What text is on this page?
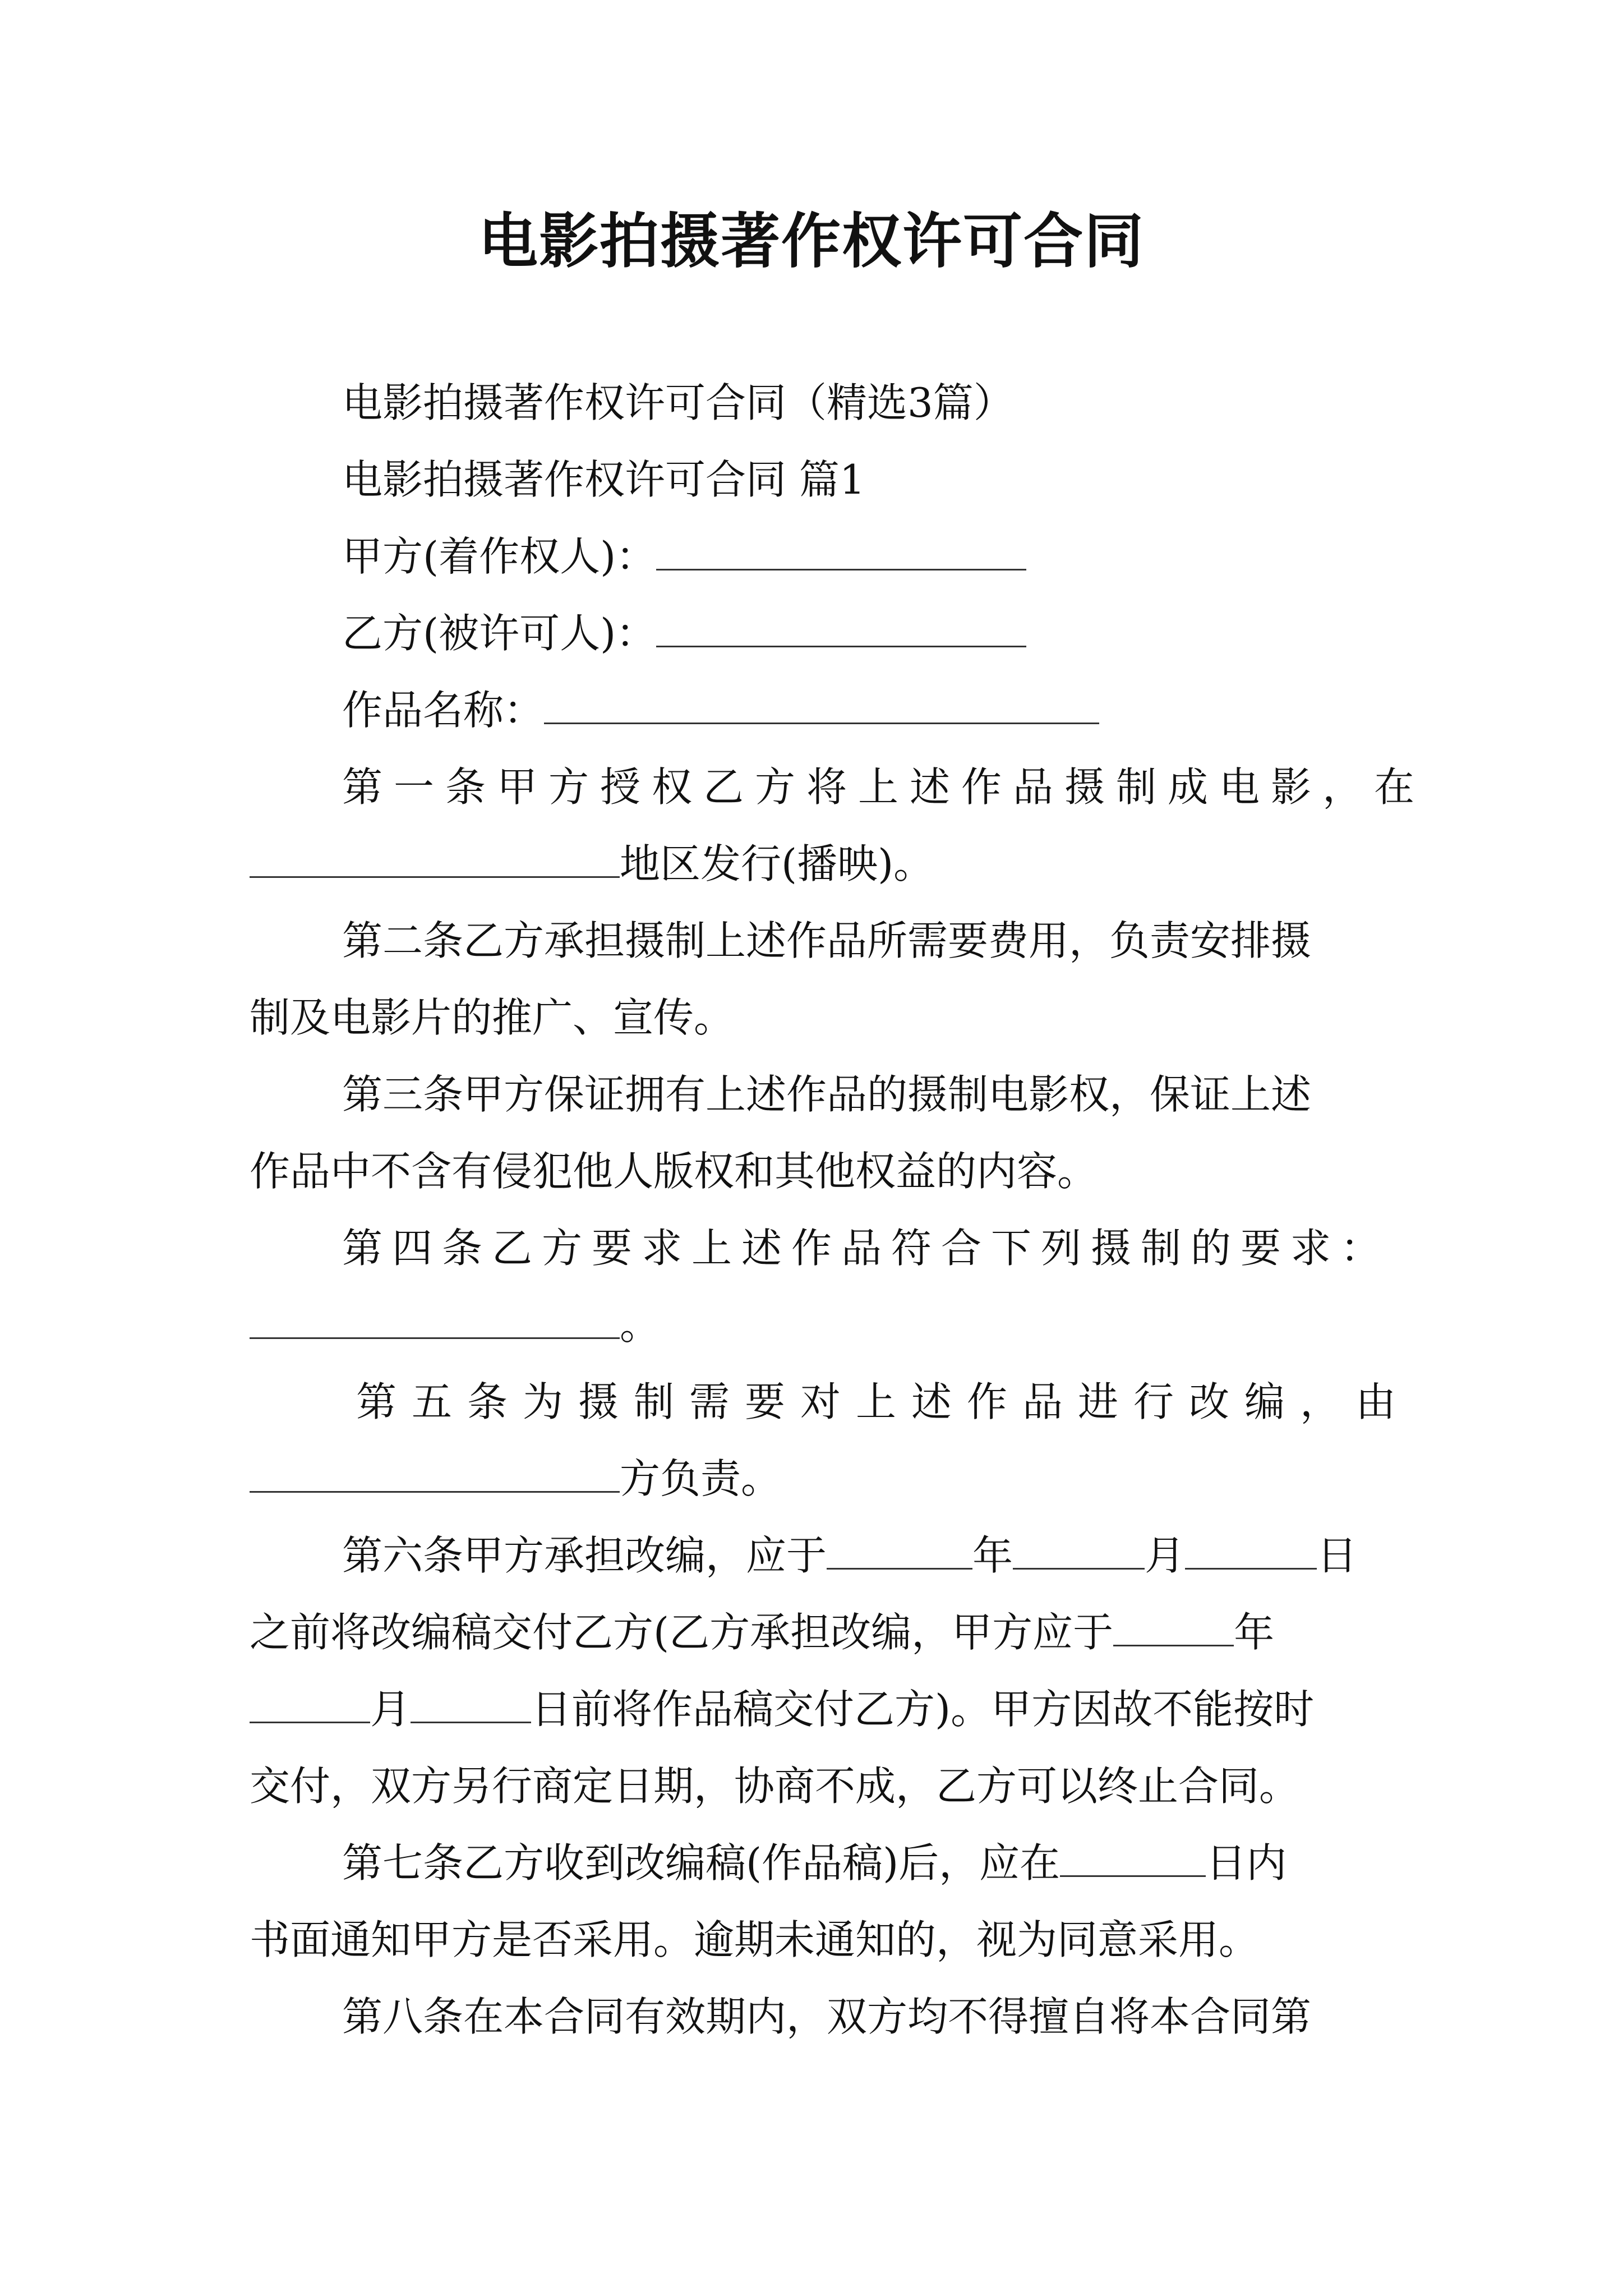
电影拍摄著作权许可合同
电影拍摄著作权许可合同（精选3篇）
电影拍摄著作权许可合同 篇1
甲方(着作权人)：
乙方(被许可人)：
作品名称：
第一条甲方授权乙方将上述作品摄制成电影，在
地区发行(播映)。
第二条乙方承担摄制上述作品所需要费用，负责安排摄
制及电影片的推广、宣传。
第三条甲方保证拥有上述作品的摄制电影权，保证上述
作品中不含有侵犯他人版权和其他权益的内容。
第四条乙方要求上述作品符合下列摄制的要求：
。
第五条为摄制需要对上述作品进行改编，由
方负责。
第六条甲方承担改编，应于	年	月	日
之前将改编稿交付乙方(乙方承担改编，甲方应于	年
月	日前将作品稿交付乙方)。甲方因故不能按时
交付，双方另行商定日期，协商不成，乙方可以终止合同。
第七条乙方收到改编稿(作品稿)后，应在	日内
书面通知甲方是否采用。逾期未通知的，视为同意采用。
第八条在本合同有效期内，双方均不得擅自将本合同第
